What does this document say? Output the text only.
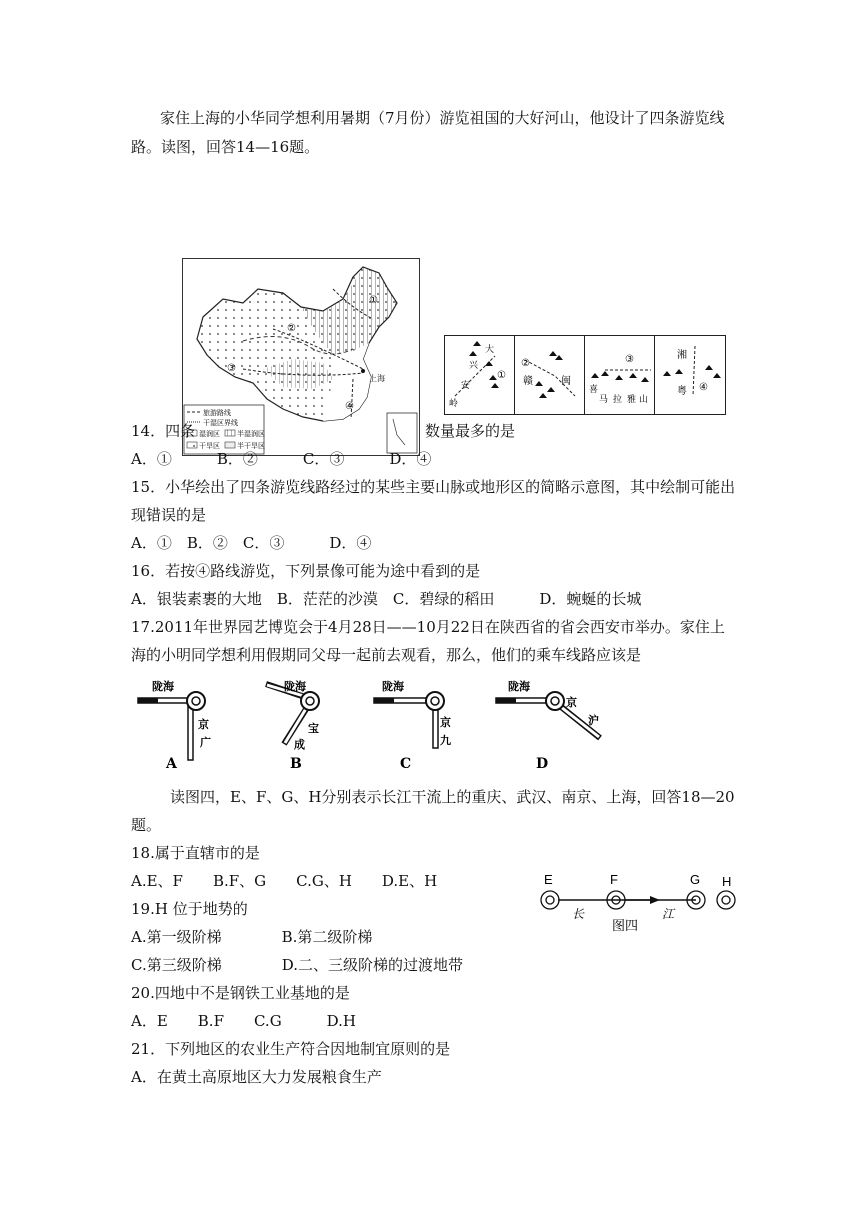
家住上海的小华同学想利用暑期（7月份）游览祖国的大好河山，他设计了四条游览线
路。读图，回答14—16题。
上海
①
②
③
④
旅游路线
干湿区界线
湿润区 半湿润区
干旱区 半干旱区
大
兴
安
岭
①
②
赣	闽
③
喜
马 拉 雅 山
湘
粤 ④
14．四条	数量最多的是
A．①　　　B．②　　　C．③　　　D．④
15．小华绘出了四条游览线路经过的某些主要山脉或地形区的简略示意图，其中绘制可能出
现错误的是
A．①　B．②　C．③　　　D．④
16．若按④路线游览，下列景像可能为途中看到的是
A．银装素裹的大地　B．茫茫的沙漠　C．碧绿的稻田　　　D．蜿蜒的长城
17.2011年世界园艺博览会于4月28日——10月22日在陕西省的省会西安市举办。家住上
海的小明同学想利用假期同父母一起前去观看，那么，他们的乘车线路应该是
陇海
京
广
A
陇海
宝
成
B
陇海
京
九
C
陇海
京
沪
D
读图四，E、F、G、H分别表示长江干流上的重庆、武汉、南京、上海，回答18—20
题。
18.属于直辖市的是
A.E、F　　B.F、G　　C.G、H　　D.E、H	E	F	G H
长	江
图四
19.H 位于地势的
A.第一级阶梯　　　　B.第二级阶梯
C.第三级阶梯　　　　D.二、三级阶梯的过渡地带
20.四地中不是钢铁工业基地的是
A．E　　B.F　　C.G　　　D.H
21．下列地区的农业生产符合因地制宜原则的是
A．在黄土高原地区大力发展粮食生产
